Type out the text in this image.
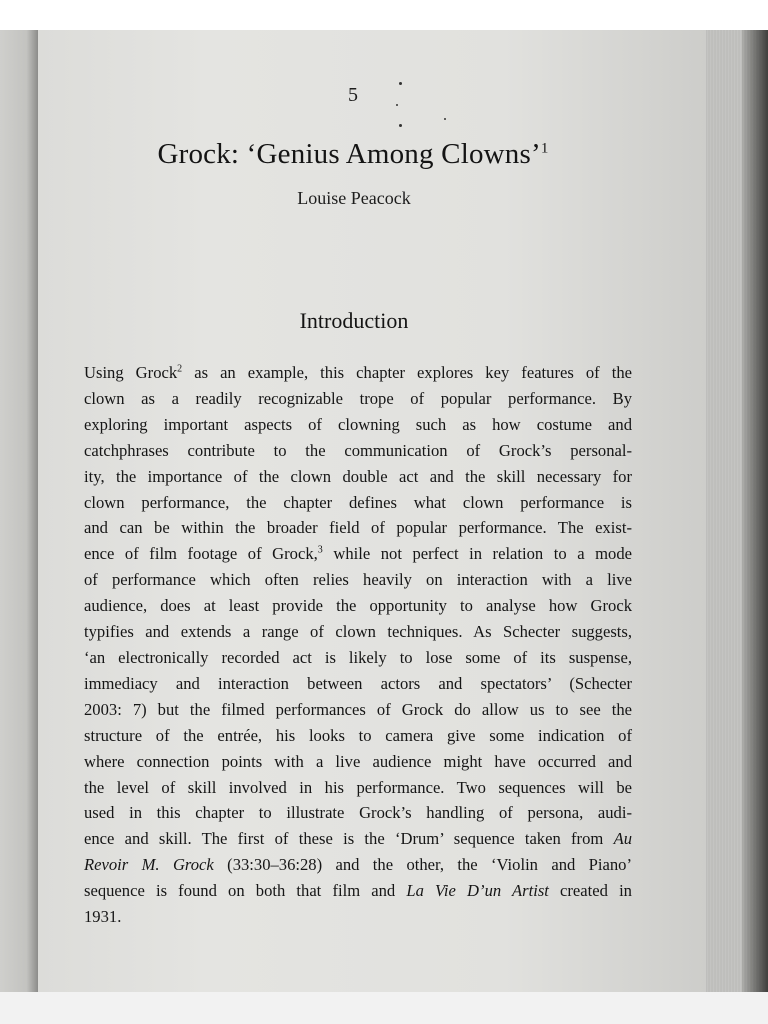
5
Grock: ‘Genius Among Clowns’$^1$
Louise Peacock
Introduction
Using Grock$^2$ as an example, this chapter explores key features of the
clown as a readily recognizable trope of popular performance. By
exploring important aspects of clowning such as how costume and
catchphrases contribute to the communication of Grock’s personal-
ity, the importance of the clown double act and the skill necessary for
clown performance, the chapter defines what clown performance is
and can be within the broader field of popular performance. The exist-
ence of film footage of Grock,$^3$ while not perfect in relation to a mode
of performance which often relies heavily on interaction with a live
audience, does at least provide the opportunity to analyse how Grock
typifies and extends a range of clown techniques. As Schecter suggests,
‘an electronically recorded act is likely to lose some of its suspense,
immediacy and interaction between actors and spectators’ (Schecter
2003: 7) but the filmed performances of Grock do allow us to see the
structure of the entrée, his looks to camera give some indication of
where connection points with a live audience might have occurred and
the level of skill involved in his performance. Two sequences will be
used in this chapter to illustrate Grock’s handling of persona, audi-
ence and skill. The first of these is the ‘Drum’ sequence taken from Au
Revoir M. Grock (33:30–36:28) and the other, the ‘Violin and Piano’
sequence is found on both that film and La Vie D’un Artist created in
1931.
